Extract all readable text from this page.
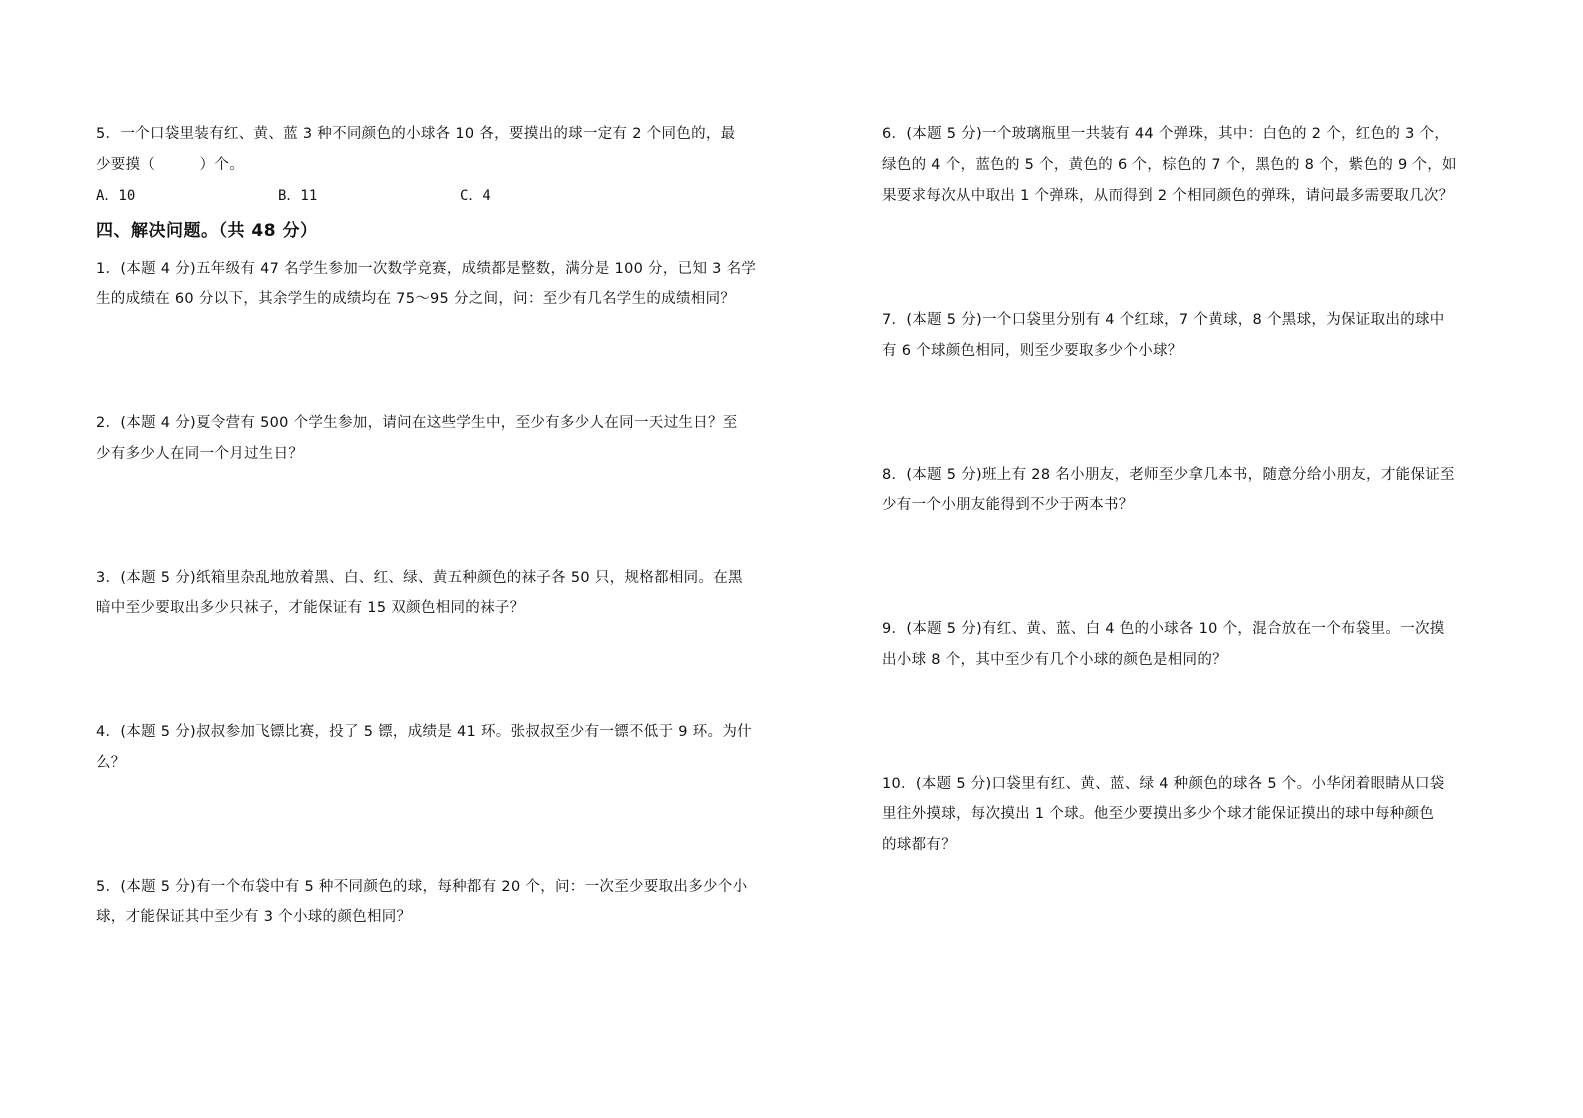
5．一个口袋里装有红、黄、蓝 3 种不同颜色的小球各 10 各，要摸出的球一定有 2 个同色的，最
少要摸（　　　）个。
A．10	B．11	C．4
四、解决问题。（共 48 分）
1．(本题 4 分)五年级有 47 名学生参加一次数学竞赛，成绩都是整数，满分是 100 分，已知 3 名学
生的成绩在 60 分以下，其余学生的成绩均在 75～95 分之间，问：至少有几名学生的成绩相同？
2．(本题 4 分)夏令营有 500 个学生参加，请问在这些学生中，至少有多少人在同一天过生日？至
少有多少人在同一个月过生日？
3．(本题 5 分)纸箱里杂乱地放着黑、白、红、绿、黄五种颜色的袜子各 50 只，规格都相同。在黑
暗中至少要取出多少只袜子，才能保证有 15 双颜色相同的袜子？
4．(本题 5 分)叔叔参加飞镖比赛，投了 5 镖，成绩是 41 环。张叔叔至少有一镖不低于 9 环。为什
么？
5．(本题 5 分)有一个布袋中有 5 种不同颜色的球，每种都有 20 个，问：一次至少要取出多少个小
球，才能保证其中至少有 3 个小球的颜色相同？
6．(本题 5 分)一个玻璃瓶里一共装有 44 个弹珠，其中：白色的 2 个，红色的 3 个，
绿色的 4 个，蓝色的 5 个，黄色的 6 个，棕色的 7 个，黑色的 8 个，紫色的 9 个，如
果要求每次从中取出 1 个弹珠，从而得到 2 个相同颜色的弹珠，请问最多需要取几次？
7．(本题 5 分)一个口袋里分别有 4 个红球，7 个黄球，8 个黑球，为保证取出的球中
有 6 个球颜色相同，则至少要取多少个小球？
8．(本题 5 分)班上有 28 名小朋友，老师至少拿几本书，随意分给小朋友，才能保证至
少有一个小朋友能得到不少于两本书？
9．(本题 5 分)有红、黄、蓝、白 4 色的小球各 10 个，混合放在一个布袋里。一次摸
出小球 8 个，其中至少有几个小球的颜色是相同的？
10．(本题 5 分)口袋里有红、黄、蓝、绿 4 种颜色的球各 5 个。小华闭着眼睛从口袋
里往外摸球，每次摸出 1 个球。他至少要摸出多少个球才能保证摸出的球中每种颜色
的球都有？
